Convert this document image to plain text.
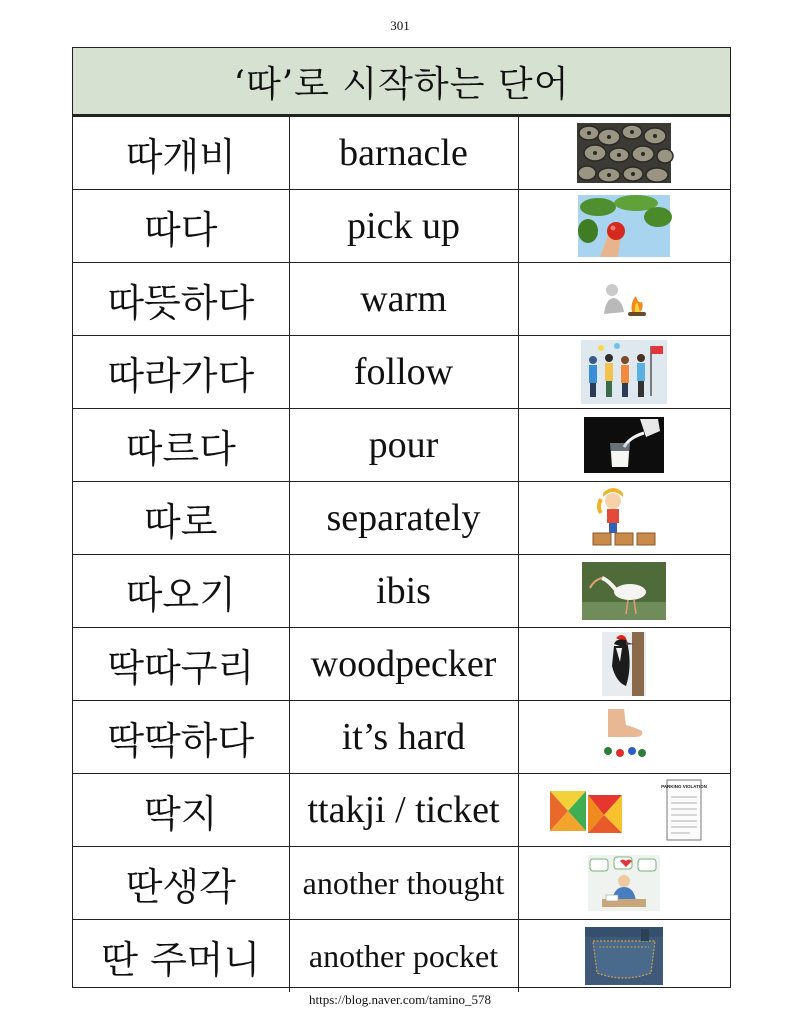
301
‘따’로 시작하는 단어
따개비	barnacle	
따다	pick up	
따뜻하다	warm	
따라가다	follow	
따르다	pour	
따로	separately	
따오기	ibis	
딱따구리	woodpecker	
딱딱하다	it’s hard	
딱지	ttakji / ticket	PARKING VIOLATION

딴생각	another thought	
딴 주머니	another pocket	
https://blog.naver.com/tamino_578
